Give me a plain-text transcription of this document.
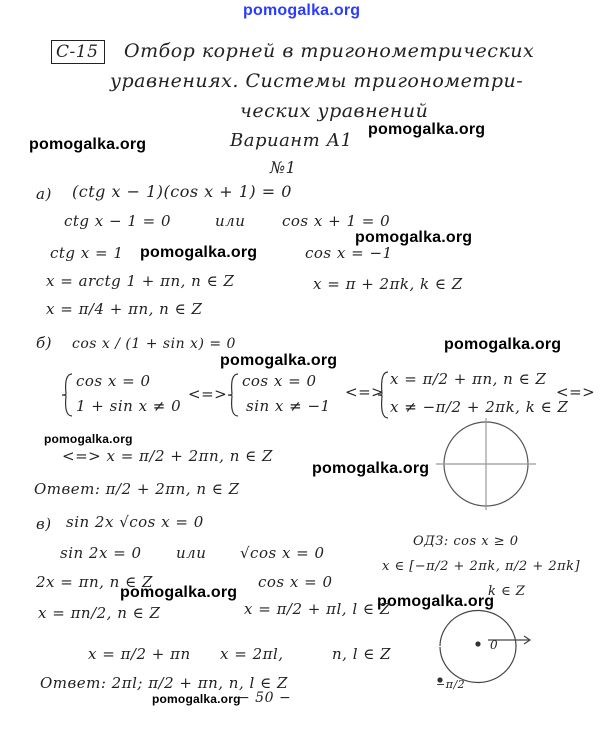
pomogalka.org
С-15 Отбор корней в тригонометрических
уравнениях. Системы тригонометри-
ческих уравнений
Вариант А1
№1
pomogalka.org
pomogalka.org
а) (ctg x − 1)(cos x + 1) = 0
ctg x − 1 = 0	или cos x + 1 = 0
pomogalka.org
ctg x = 1 pomogalka.org	cos x = −1
x = arctg 1 + πn, n ∈ Z	x = π + 2πk, k ∈ Z
x = π/4 + πn, n ∈ Z
б) cos x / (1 + sin x) = 0	pomogalka.org
pomogalka.org
cos x = 0
1 + sin x ≠ 0
<=>
cos x = 0
sin x ≠ −1
<=>
x = π/2 + πn, n ∈ Z
x ≠ −π/2 + 2πk, k ∈ Z
<=>
pomogalka.org
<=> x = π/2 + 2πn, n ∈ Z
pomogalka.org
Ответ: π/2 + 2πn, n ∈ Z
в) sin 2x √cos x = 0
sin 2x = 0 или √cos x = 0
ОДЗ: cos x ≥ 0
x ∈ [−π/2 + 2πk, π/2 + 2πk]
2x = πn, n ∈ Z	cos x = 0
k ∈ Z
pomogalka.org
pomogalka.org
x = πn/2, n ∈ Z	x = π/2 + πl, l ∈ Z
0
−π/2
x = π/2 + πn x = 2πl,	n, l ∈ Z
Ответ: 2πl; π/2 + πn, n, l ∈ Z
pomogalka.org
− 50 −
